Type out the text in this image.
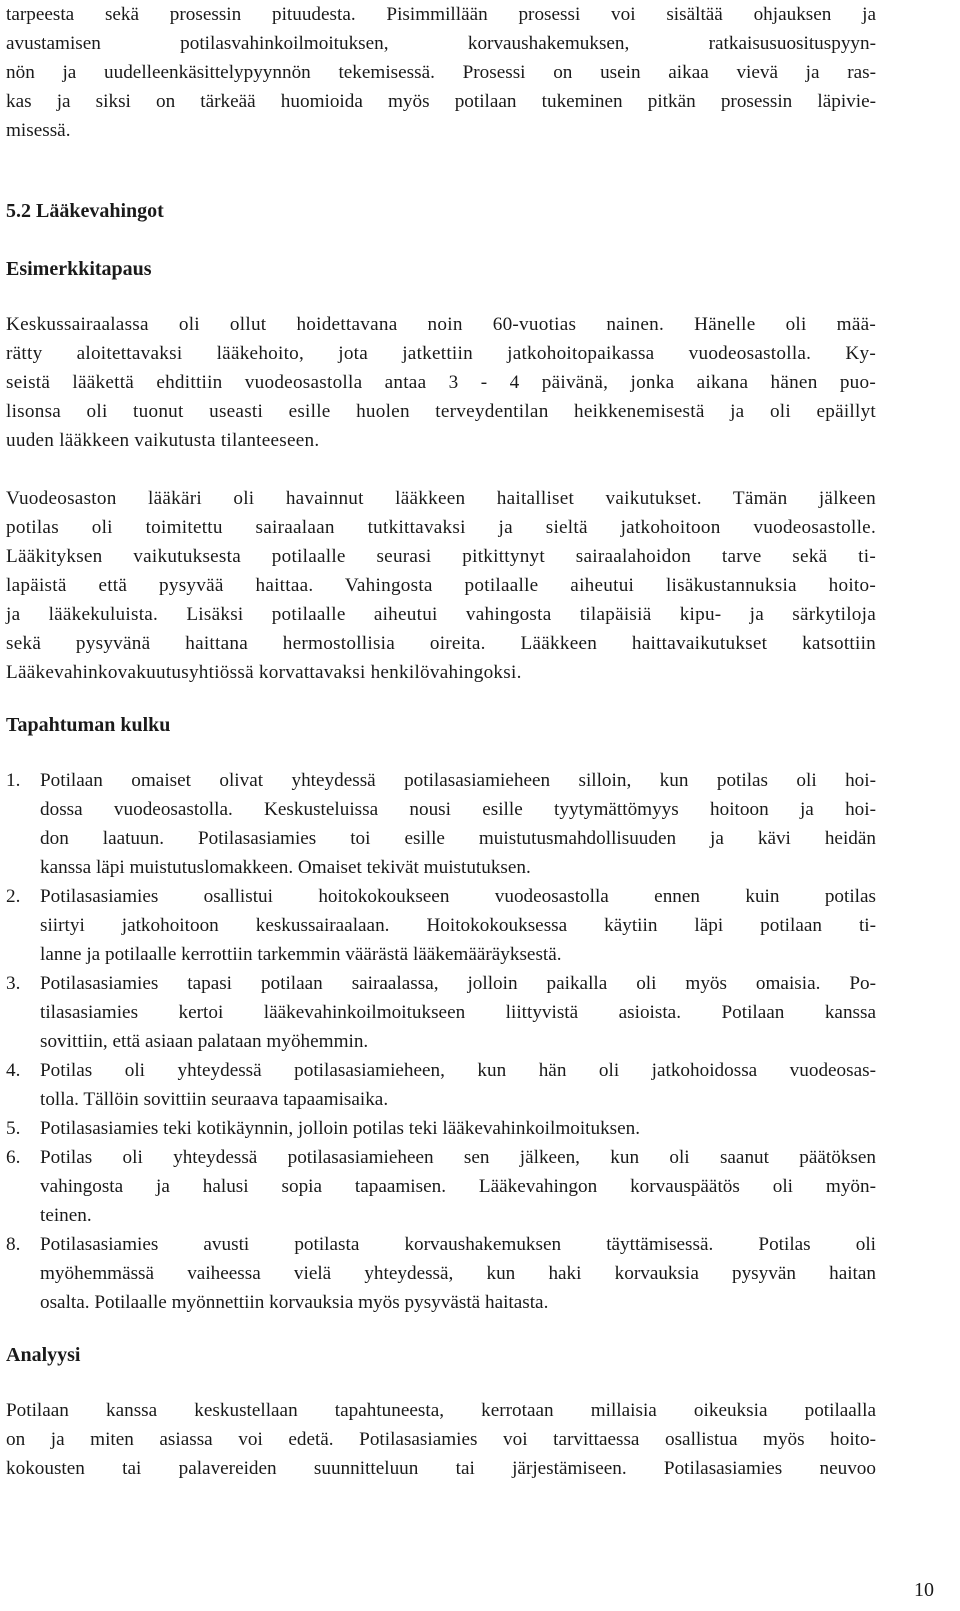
tarpeesta sekä prosessin pituudesta. Pisimmillään prosessi voi sisältää ohjauksen ja
avustamisen potilasvahinkoilmoituksen, korvaushakemuksen, ratkaisusuosituspyyn-
nön ja uudelleenkäsittelypyynnön tekemisessä. Prosessi on usein aikaa vievä ja ras-
kas ja siksi on tärkeää huomioida myös potilaan tukeminen pitkän prosessin läpivie-
misessä.
5.2 Lääkevahingot
Esimerkkitapaus
Keskussairaalassa oli ollut hoidettavana noin 60-vuotias nainen. Hänelle oli mää-
rätty aloitettavaksi lääkehoito, jota jatkettiin jatkohoitopaikassa vuodeosastolla. Ky-
seistä lääkettä ehdittiin vuodeosastolla antaa 3 - 4 päivänä, jonka aikana hänen puo-
lisonsa oli tuonut useasti esille huolen terveydentilan heikkenemisestä ja oli epäillyt
uuden lääkkeen vaikutusta tilanteeseen.
Vuodeosaston lääkäri oli havainnut lääkkeen haitalliset vaikutukset. Tämän jälkeen
potilas oli toimitettu sairaalaan tutkittavaksi ja sieltä jatkohoitoon vuodeosastolle.
Lääkityksen vaikutuksesta potilaalle seurasi pitkittynyt sairaalahoidon tarve sekä ti-
lapäistä että pysyvää haittaa. Vahingosta potilaalle aiheutui lisäkustannuksia hoito-
ja lääkekuluista. Lisäksi potilaalle aiheutui vahingosta tilapäisiä kipu- ja särkytiloja
sekä pysyvänä haittana hermostollisia oireita. Lääkkeen haittavaikutukset katsottiin
Lääkevahinkovakuutusyhtiössä korvattavaksi henkilövahingoksi.
Tapahtuman kulku
1.	Potilaan omaiset olivat yhteydessä potilasasiamieheen silloin, kun potilas oli hoi-
dossa vuodeosastolla. Keskusteluissa nousi esille tyytymättömyys hoitoon ja hoi-
don laatuun. Potilasasiamies toi esille muistutusmahdollisuuden ja kävi heidän
kanssa läpi muistutuslomakkeen. Omaiset tekivät muistutuksen.
2.	Potilasasiamies osallistui hoitokokoukseen vuodeosastolla ennen kuin potilas
siirtyi jatkohoitoon keskussairaalaan. Hoitokokouksessa käytiin läpi potilaan ti-
lanne ja potilaalle kerrottiin tarkemmin väärästä lääkemääräyksestä.
3.	Potilasasiamies tapasi potilaan sairaalassa, jolloin paikalla oli myös omaisia. Po-
tilasasiamies kertoi lääkevahinkoilmoitukseen liittyvistä asioista. Potilaan kanssa
sovittiin, että asiaan palataan myöhemmin.
4.	Potilas oli yhteydessä potilasasiamieheen, kun hän oli jatkohoidossa vuodeosas-
tolla. Tällöin sovittiin seuraava tapaamisaika.
5.	Potilasasiamies teki kotikäynnin, jolloin potilas teki lääkevahinkoilmoituksen.
6.	Potilas oli yhteydessä potilasasiamieheen sen jälkeen, kun oli saanut päätöksen
vahingosta ja halusi sopia tapaamisen. Lääkevahingon korvauspäätös oli myön-
teinen.
8.	Potilasasiamies avusti potilasta korvaushakemuksen täyttämisessä. Potilas oli
myöhemmässä vaiheessa vielä yhteydessä, kun haki korvauksia pysyvän haitan
osalta. Potilaalle myönnettiin korvauksia myös pysyvästä haitasta.
Analyysi
Potilaan kanssa keskustellaan tapahtuneesta, kerrotaan millaisia oikeuksia potilaalla
on ja miten asiassa voi edetä. Potilasasiamies voi tarvittaessa osallistua myös hoito-
kokousten tai palavereiden suunnitteluun tai järjestämiseen. Potilasasiamies neuvoo
10
